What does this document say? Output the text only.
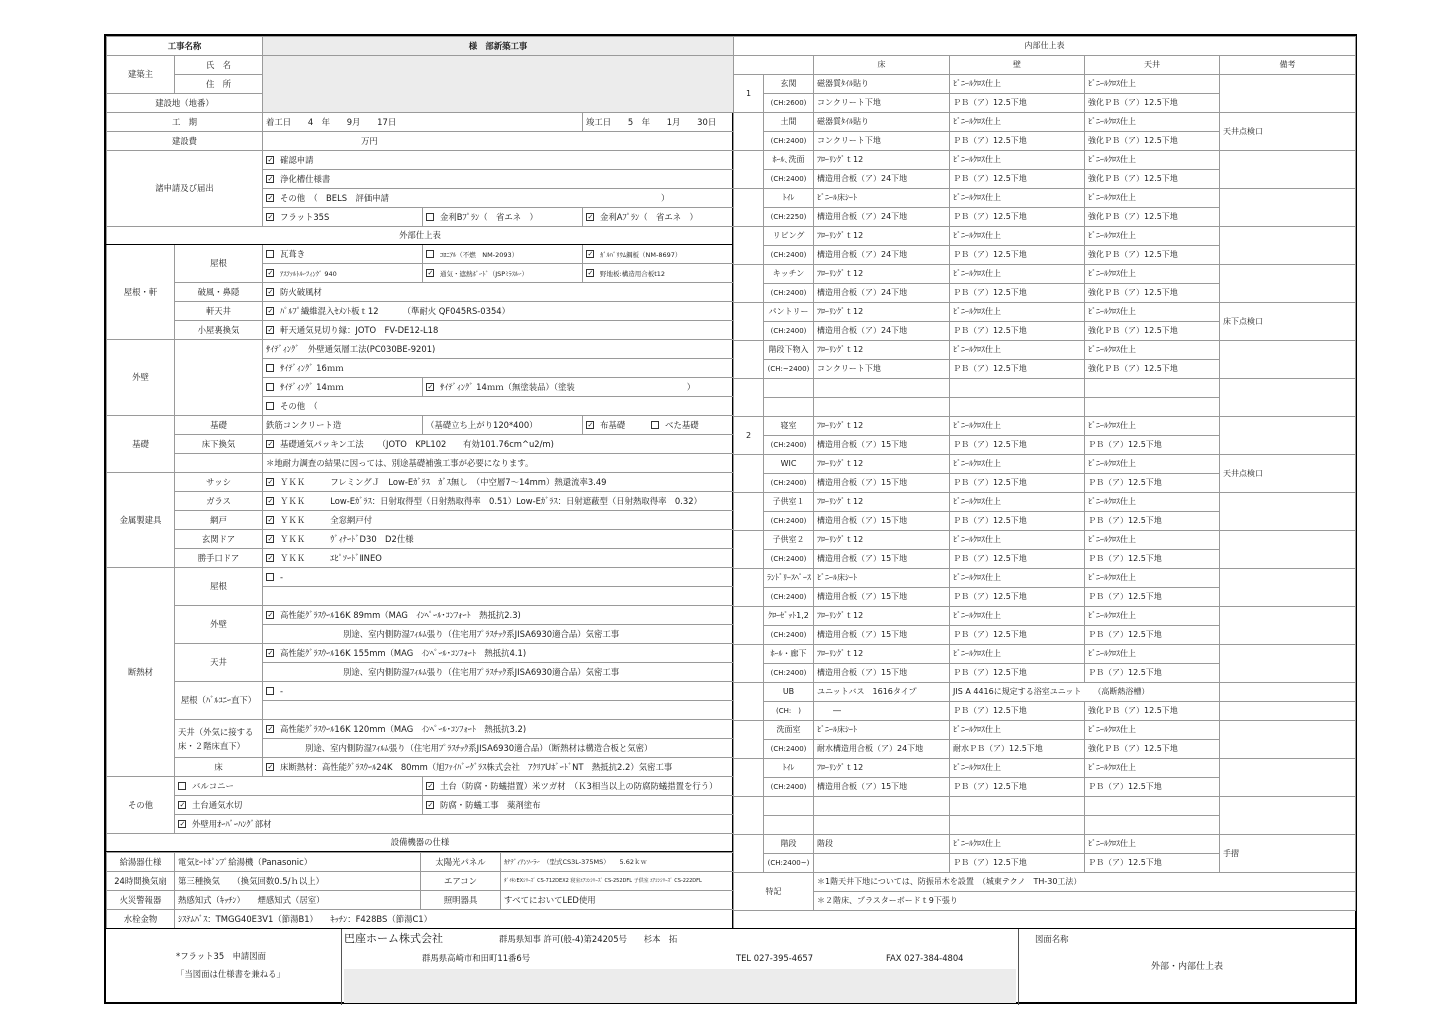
工事名称		様　部新築工事		
建築主	氏　名			
	住　所			
建設地（地番）				
工　期		着工日　　4　年　　9月　　17日		竣工日　　5　年　　1月　　30日
建設費		万円		
諸申請及び届出	✓確認申請
✓浄化槽仕様書
✓その他　（　BELS　評価申請 ）
✓フラット35S	金利Bﾌﾟﾗﾝ（　省エネ　）	✓金利Aﾌﾟﾗﾝ（　省エネ　）
外部仕上表				
屋根・軒	屋根	瓦葺き	ｺﾛﾆｱﾙ（不燃　NM-2093）	✓ｶﾞﾙﾊﾞﾘｳﾑ鋼板（NM-8697）
✓ｱｽﾌｧﾙﾄﾙｰﾌｨﾝｸﾞ 940	✓通気・遮熱ﾎﾞｰﾄﾞ（JSPﾐﾗｽﾙｰ）	✓野地板:構造用合板t12
	破風・鼻隠	✓防火破風材
	軒天井	✓ﾊﾟﾙﾌﾟ繊維混入ｾﾒﾝﾄ板ｔ12 （準耐火 QF045RS-0354）
	小屋裏換気	✓軒天通気見切り縁：JOTO　FV-DE12-L18
外壁		ｻｲﾃﾞｨﾝｸﾞ　外壁通気層工法(PC030BE-9201)		
		ｻｲﾃﾞｨﾝｸﾞ 16ｍｍ		
		ｻｲﾃﾞｨﾝｸﾞ 14ｍｍ	✓ｻｲﾃﾞｨﾝｸﾞ 14ｍｍ（無塗装品）（塗装 ）
		その他　（		
基礎	基礎	鉄筋コンクリート造	（基礎立ち上がり120*400）	✓布基礎 べた基礎
	床下換気	✓基礎通気パッキン工法 （JOTO　KPL102　　有効101.76cm^u2/m)
		＊地耐力調査の結果に因っては、別途基礎補強工事が必要になります。		
金属製建具	サッシ	✓ＹＫＫ　　　フレミングＪ　Low-Eｶﾞﾗｽ　ｶﾞｽ無し　（中空層7～14mm）熱還流率3.49
	ガラス	✓ＹＫＫ　　　Low-Eｶﾞﾗｽ：日射取得型（日射熱取得率　0.51）Low-Eｶﾞﾗｽ：日射遮蔽型（日射熱取得率　0.32）
	網戸	✓ＹＫＫ　　　全窓網戸付
	玄関ドア	✓ＹＫＫ　　　ｳﾞｨﾅｰﾄﾞD30　D2仕様
	勝手口ドア	✓ＹＫＫ　　　ｴﾋﾟｿｰﾄﾞⅡNEO
断熱材	屋根	-		

	外壁	✓高性能ｸﾞﾗｽｳｰﾙ16K 89mm（MAG　ｲﾝﾍﾟｰﾙ･ｺﾝﾌｫｰﾄ　熱抵抗2.3)
		別途、室内側防湿ﾌｨﾙﾑ張り（住宅用ﾌﾟﾗｽﾁｯｸ系JISA6930適合品）気密工事		
	天井	✓高性能ｸﾞﾗｽｳｰﾙ16K 155mm（MAG　ｲﾝﾍﾟｰﾙ･ｺﾝﾌｫｰﾄ　熱抵抗4.1)
		別途、室内側防湿ﾌｨﾙﾑ張り（住宅用ﾌﾟﾗｽﾁｯｸ系JISA6930適合品）気密工事		
	屋根（ﾊﾞﾙｺﾆｰ直下）	-		

	天井（外気に接する
床・２階床直下）	✓高性能ｸﾞﾗｽｳｰﾙ16K 120mm（MAG　ｲﾝﾍﾟｰﾙ･ｺﾝﾌｫｰﾄ　熱抵抗3.2)
		別途、室内側防湿ﾌｨﾙﾑ張り（住宅用ﾌﾟﾗｽﾁｯｸ系JISA6930適合品）（断熱材は構造合板と気密）		
	床	✓床断熱材：高性能ｸﾞﾗｽｳｰﾙ24K　80mm（旭ﾌｧｲﾊﾞｰｸﾞﾗｽ株式会社　ｱｸﾘｱUﾎﾞｰﾄﾞNT　熱抵抗2.2）気密工事
その他	バルコニー	✓土台（防腐・防蟻措置）米ツガ材　（Ｋ3相当以上の防腐防蟻措置を行う）
✓土台通気水切	✓防腐・防蟻工事　薬剤塗布
✓外壁用ｵｰﾊﾞｰﾊﾝｸﾞ部材
設備機器の仕様				
給湯器仕様	電気ﾋｰﾄﾎﾟﾝﾌﾟ給湯機（Panasonic）	太陽光パネル	ｶﾅﾃﾞｨｱﾝｿｰﾗｰ　（型式CS3L-375MS）　　5.62ｋｗ
24時間換気扇	第三種換気　　（換気回数0.5/ｈ以上）	エアコン	ﾀﾞｲｷﾝEXｼﾘｰｽﾞ CS-712DEX2 寝室ｴｱｺﾝｼﾘｰｽﾞ CS-252DFL 子供室 ｴｱｺﾝｼﾘｰｽﾞ CS-222DFL
火災警報器	熱感知式（ｷｯﾁﾝ）　　煙感知式（居室）	照明器具	すべてにおいてLED使用
水栓金物	ｼｽﾃﾑﾊﾞｽ：TMGG40E3V1（節湯B1）　　ｷｯﾁﾝ：F428BS（節湯C1）		
内部仕上表					
		床	壁	天井	備考
1	玄関	磁器質ﾀｲﾙ貼り	ﾋﾞﾆｰﾙｸﾛｽ仕上	ﾋﾞﾆｰﾙｸﾛｽ仕上	
	(CH:2600)	コンクリート下地	ＰＢ（ア）12.5下地	強化ＰＢ（ア）12.5下地	
	土間	磁器質ﾀｲﾙ貼り	ﾋﾞﾆｰﾙｸﾛｽ仕上	ﾋﾞﾆｰﾙｸﾛｽ仕上	天井点検口
	(CH:2400)	コンクリート下地	ＰＢ（ア）12.5下地	強化ＰＢ（ア）12.5下地	
	ﾎｰﾙ､洗面	ﾌﾛｰﾘﾝｸﾞｔ12	ﾋﾞﾆｰﾙｸﾛｽ仕上	ﾋﾞﾆｰﾙｸﾛｽ仕上	
	(CH:2400)	構造用合板（ア）24下地	ＰＢ（ア）12.5下地	強化ＰＢ（ア）12.5下地	
	ﾄｲﾚ	ﾋﾞﾆｰﾙ床ｼｰﾄ	ﾋﾞﾆｰﾙｸﾛｽ仕上	ﾋﾞﾆｰﾙｸﾛｽ仕上	
	(CH:2250)	構造用合板（ア）24下地	ＰＢ（ア）12.5下地	強化ＰＢ（ア）12.5下地	
	リビング	ﾌﾛｰﾘﾝｸﾞｔ12	ﾋﾞﾆｰﾙｸﾛｽ仕上	ﾋﾞﾆｰﾙｸﾛｽ仕上	
	(CH:2400)	構造用合板（ア）24下地	ＰＢ（ア）12.5下地	強化ＰＢ（ア）12.5下地	
	キッチン	ﾌﾛｰﾘﾝｸﾞｔ12	ﾋﾞﾆｰﾙｸﾛｽ仕上	ﾋﾞﾆｰﾙｸﾛｽ仕上	
	(CH:2400)	構造用合板（ア）24下地	ＰＢ（ア）12.5下地	強化ＰＢ（ア）12.5下地	
	パントリー	ﾌﾛｰﾘﾝｸﾞｔ12	ﾋﾞﾆｰﾙｸﾛｽ仕上	ﾋﾞﾆｰﾙｸﾛｽ仕上	床下点検口
	(CH:2400)	構造用合板（ア）24下地	ＰＢ（ア）12.5下地	強化ＰＢ（ア）12.5下地	
	階段下物入	ﾌﾛｰﾘﾝｸﾞｔ12	ﾋﾞﾆｰﾙｸﾛｽ仕上	ﾋﾞﾆｰﾙｸﾛｽ仕上	
	(CH:~2400)	コンクリート下地	ＰＢ（ア）12.5下地	強化ＰＢ（ア）12.5下地	

2	寝室	ﾌﾛｰﾘﾝｸﾞｔ12	ﾋﾞﾆｰﾙｸﾛｽ仕上	ﾋﾞﾆｰﾙｸﾛｽ仕上	
	(CH:2400)	構造用合板（ア）15下地	ＰＢ（ア）12.5下地	ＰＢ（ア）12.5下地	
	WIC	ﾌﾛｰﾘﾝｸﾞｔ12	ﾋﾞﾆｰﾙｸﾛｽ仕上	ﾋﾞﾆｰﾙｸﾛｽ仕上	天井点検口
	(CH:2400)	構造用合板（ア）15下地	ＰＢ（ア）12.5下地	ＰＢ（ア）12.5下地	
	子供室１	ﾌﾛｰﾘﾝｸﾞｔ12	ﾋﾞﾆｰﾙｸﾛｽ仕上	ﾋﾞﾆｰﾙｸﾛｽ仕上	
	(CH:2400)	構造用合板（ア）15下地	ＰＢ（ア）12.5下地	ＰＢ（ア）12.5下地	
	子供室２	ﾌﾛｰﾘﾝｸﾞｔ12	ﾋﾞﾆｰﾙｸﾛｽ仕上	ﾋﾞﾆｰﾙｸﾛｽ仕上	
	(CH:2400)	構造用合板（ア）15下地	ＰＢ（ア）12.5下地	ＰＢ（ア）12.5下地	
	ﾗﾝﾄﾞﾘｰｽﾍﾟｰｽ	ﾋﾞﾆｰﾙ床ｼｰﾄ	ﾋﾞﾆｰﾙｸﾛｽ仕上	ﾋﾞﾆｰﾙｸﾛｽ仕上	
	(CH:2400)	構造用合板（ア）15下地	ＰＢ（ア）12.5下地	ＰＢ（ア）12.5下地	
	ｸﾛｰｾﾞｯﾄ1,2	ﾌﾛｰﾘﾝｸﾞｔ12	ﾋﾞﾆｰﾙｸﾛｽ仕上	ﾋﾞﾆｰﾙｸﾛｽ仕上	
	(CH:2400)	構造用合板（ア）15下地	ＰＢ（ア）12.5下地	ＰＢ（ア）12.5下地	
	ﾎｰﾙ・廊下	ﾌﾛｰﾘﾝｸﾞｔ12	ﾋﾞﾆｰﾙｸﾛｽ仕上	ﾋﾞﾆｰﾙｸﾛｽ仕上	
	(CH:2400)	構造用合板（ア）15下地	ＰＢ（ア）12.5下地	ＰＢ（ア）12.5下地	
	UB	ユニットバス　1616タイプ	JIS A 4416に規定する浴室ユニット　　（高断熱浴槽）		
	(CH:　)	　　―	ＰＢ（ア）12.5下地	強化ＰＢ（ア）12.5下地	
	洗面室	ﾋﾞﾆｰﾙ床ｼｰﾄ	ﾋﾞﾆｰﾙｸﾛｽ仕上	ﾋﾞﾆｰﾙｸﾛｽ仕上	
	(CH:2400)	耐水構造用合板（ア）24下地	耐水ＰＢ（ア）12.5下地	強化ＰＢ（ア）12.5下地	
	ﾄｲﾚ	ﾌﾛｰﾘﾝｸﾞｔ12	ﾋﾞﾆｰﾙｸﾛｽ仕上	ﾋﾞﾆｰﾙｸﾛｽ仕上	
	(CH:2400)	構造用合板（ア）15下地	ＰＢ（ア）12.5下地	ＰＢ（ア）12.5下地	

	階段	階段	ﾋﾞﾆｰﾙｸﾛｽ仕上	ﾋﾞﾆｰﾙｸﾛｽ仕上	手摺
	(CH:2400~)		ＰＢ（ア）12.5下地	ＰＢ（ア）12.5下地	
特記		＊1階天井下地については、防振吊木を設置　（城東テクノ　TH-30工法）			
		＊２階床、プラスターボードｔ9下張り			
*フラット35　申請図面
「当図面は仕様書を兼ねる」
巴座ホーム株式会社	群馬県知事 許可(般-4)第24205号　　杉本　拓
群馬県高崎市和田町11番6号	TEL 027-395-4657	FAX 027-384-4804
図面名称
外部・内部仕上表
